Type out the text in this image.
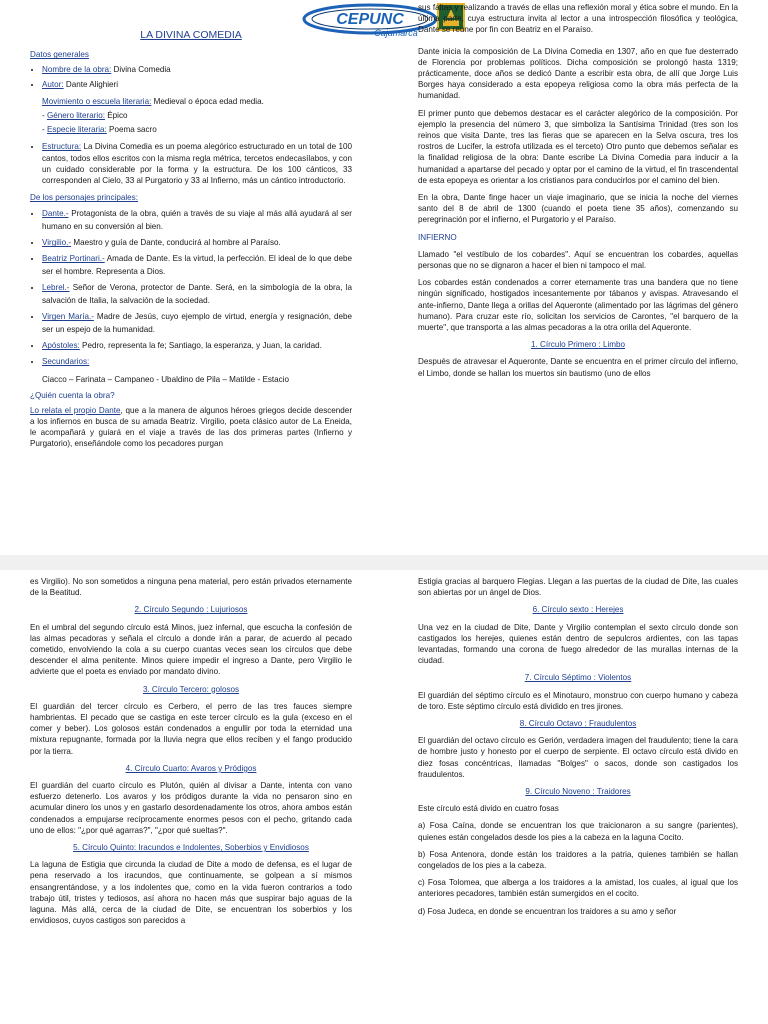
CEPUNC
Cajamarca

LA DIVINA COMEDIA

Datos generales

• Nombre de la obra: Divina Comedia
• Autor: Dante Alighieri

Movimiento o escuela literaria: Medieval o época edad media.

- Género literario: Épico
- Especie literaria: Poema sacro
• Estructura: La Divina Comedia es un poema alegórico estructurado en un total de 100 cantos, todos ellos escritos con la misma regla métrica, tercetos endecasílabos, y con un cuidado considerable por la forma y la estructura. De los 100 cánticos, 33 corresponden al Cielo, 33 al Purgatorio y 33 al Infierno, más un cántico introductorio.

De los personajes principales:

• Dante.- Protagonista de la obra, quién a través de su viaje al más allá ayudará al ser humano en su conversión al bien.
• Virgilio.- Maestro y guía de Dante, conducirá al hombre al Paraíso.
• Beatriz Portinari.- Amada de Dante. Es la virtud, la perfección. El ideal de lo que debe ser el hombre. Representa a Dios.
• Lebrel.- Señor de Verona, protector de Dante. Será, en la simbología de la obra, la salvación de Italia, la salvación de la sociedad.
• Virgen María.- Madre de Jesús, cuyo ejemplo de virtud, energía y resignación, debe ser un espejo de la humanidad.
• Apóstoles: Pedro, representa la fe; Santiago, la esperanza, y Juan, la caridad.
• Secundarios:

Ciacco – Farinata – Campaneo - Ubaldino de Pila – Matilde - Estacio

¿Quién cuenta la obra?

Lo relata el propio Dante, que a la manera de algunos héroes griegos decide descender a los infiernos en busca de su amada Beatriz. Virgilio, poeta clásico autor de La Eneida, le acompañará y guiará en el viaje a través de las dos primeras partes (Infierno y Purgatorio), enseñándole como los pecadores purgan

sus faltas y realizando a través de ellas una reflexión moral y ética sobre el mundo. En la última parte, cuya estructura invita al lector a una introspección filosófica y teológica, Dante se reúne por fin con Beatriz en el Paraíso.

Dante inicia la composición de La Divina Comedia en 1307, año en que fue desterrado de Florencia por problemas políticos. Dicha composición se prolongó hasta 1319; prácticamente, doce años se dedicó Dante a escribir esta obra, de allí que Jorge Luis Borges haya considerado a esta epopeya religiosa como la obra más perfecta de la humanidad.

El primer punto que debemos destacar es el carácter alegórico de la composición. Por ejemplo la presencia del número 3, que simboliza la Santísima Trinidad (tres son los reinos que visita Dante, tres las fieras que se aparecen en la Selva oscura, tres los rostros de Lucifer, la estrofa utilizada es el terceto) Otro punto que debemos señalar es la finalidad religiosa de la obra: Dante escribe La Divina Comedia para inducir a la humanidad a apartarse del pecado y optar por el camino de la virtud, el fin trascendental de esta epopeya es orientar a los cristianos para conducirlos por el camino del bien.

En la obra, Dante finge hacer un viaje imaginario, que se inicia la noche del viernes santo del 8 de abril de 1300 (cuando el poeta tiene 35 años), comenzando su peregrinación por el infierno, el Purgatorio y el Paraíso.

INFIERNO

Llamado "el vestíbulo de los cobardes". Aquí se encuentran los cobardes, aquellas personas que no se dignaron a hacer el bien ni tampoco el mal.

Los cobardes están condenados a correr eternamente tras una bandera que no tiene ningún significado, hostigados incesantemente por tábanos y avispas. Atravesando el ante-infierno, Dante llega a orillas del Aqueronte (alimentado por las lágrimas del género humano). Para cruzar este río, solicitan los servicios de Carontes, "el barquero de la muerte", que transporta a las almas pecadoras a la otra orilla del Aqueronte.

1. Círculo Primero : Limbo

Después de atravesar el Aqueronte, Dante se encuentra en el primer círculo del infierno, el Limbo, donde se hallan los muertos sin bautismo (uno de ellos

es Virgilio). No son sometidos a ninguna pena material, pero están privados eternamente de la Beatitud.

2. Círculo Segundo : Lujuriosos

En el umbral del segundo círculo está Minos, juez infernal, que escucha la confesión de las almas pecadoras y señala el círculo a donde irán a parar, de acuerdo al pecado cometido, envolviendo la cola a su cuerpo cuantas veces sean los círculos que debe descender el alma penitente. Minos quiere impedir el ingreso a Dante, pero Virgilio le advierte que el poeta es enviado por mandato divino.

3. Círculo Tercero: golosos

El guardián del tercer círculo es Cerbero, el perro de las tres fauces siempre hambrientas. El pecado que se castiga en este tercer círculo es la gula (exceso en el comer y beber). Los golosos están condenados a engullir por toda la eternidad una mixtura repugnante, formada por la lluvia negra que ellos reciben y el fango producido por la tierra.

4. Círculo Cuarto: Avaros y Pródigos

El guardián del cuarto círculo es Plutón, quién al divisar a Dante, intenta con vano esfuerzo detenerlo. Los avaros y los pródigos durante la vida no pensaron sino en acumular dinero los unos y en gastarlo desordenadamente los otros, ahora ambos están condenados a empujarse recíprocamente enormes pesos con el pecho, gritando cada uno de ellos: "¿por qué agarras?", "¿por qué sueltas?".

5. Círculo Quinto: Iracundos e Indolentes, Soberbios y Envidiosos

La laguna de Estigia que circunda la ciudad de Dite a modo de defensa, es el lugar de pena reservado a los iracundos, que continuamente, se golpean a sí mismos ensangrentándose, y a los indolentes que, como en la vida fueron contrarios a todo trabajo útil, tristes y tediosos, así ahora no hacen más que suspirar bajo aguas de la laguna. Más allá, cerca de la ciudad de Dite, se encuentran los soberbios y los envidiosos, cuyos castigos son parecidos a

Estigia gracias al barquero Flegias. Llegan a las puertas de la ciudad de Dite, las cuales son abiertas por un ángel de Dios.

6. Círculo sexto : Herejes

Una vez en la ciudad de Dite, Dante y Virgilio contemplan el sexto círculo donde son castigados los herejes, quienes están dentro de sepulcros ardientes, con las tapas levantadas, formando una corona de fuego alrededor de las murallas internas de la ciudad.

7. Círculo Séptimo : Violentos

El guardián del séptimo círculo es el Minotauro, monstruo con cuerpo humano y cabeza de toro. Este séptimo círculo está dividido en tres jirones.

8. Círculo Octavo : Fraudulentos

El guardián del octavo círculo es Gerión, verdadera imagen del fraudulento; tiene la cara de hombre justo y honesto por el cuerpo de serpiente. El octavo círculo está divido en diez fosas concéntricas, llamadas "Bolges" o sacos, donde son castigados los fraudulentos.

9. Círculo Noveno : Traidores

Este círculo está divido en cuatro fosas

a) Fosa Caína, donde se encuentran los que traicionaron a su sangre (parientes), quienes están congelados desde los pies a la cabeza en la laguna Cocito.

b) Fosa Antenora, donde están los traidores a la patria, quienes también se hallan congelados de los pies a la cabeza.

c) Fosa Tolomea, que alberga a los traidores a la amistad, los cuales, al igual que los anteriores pecadores, también están sumergidos en el cocito.

d) Fosa Judeca, en donde se encuentran los traidores a su amo y señor
